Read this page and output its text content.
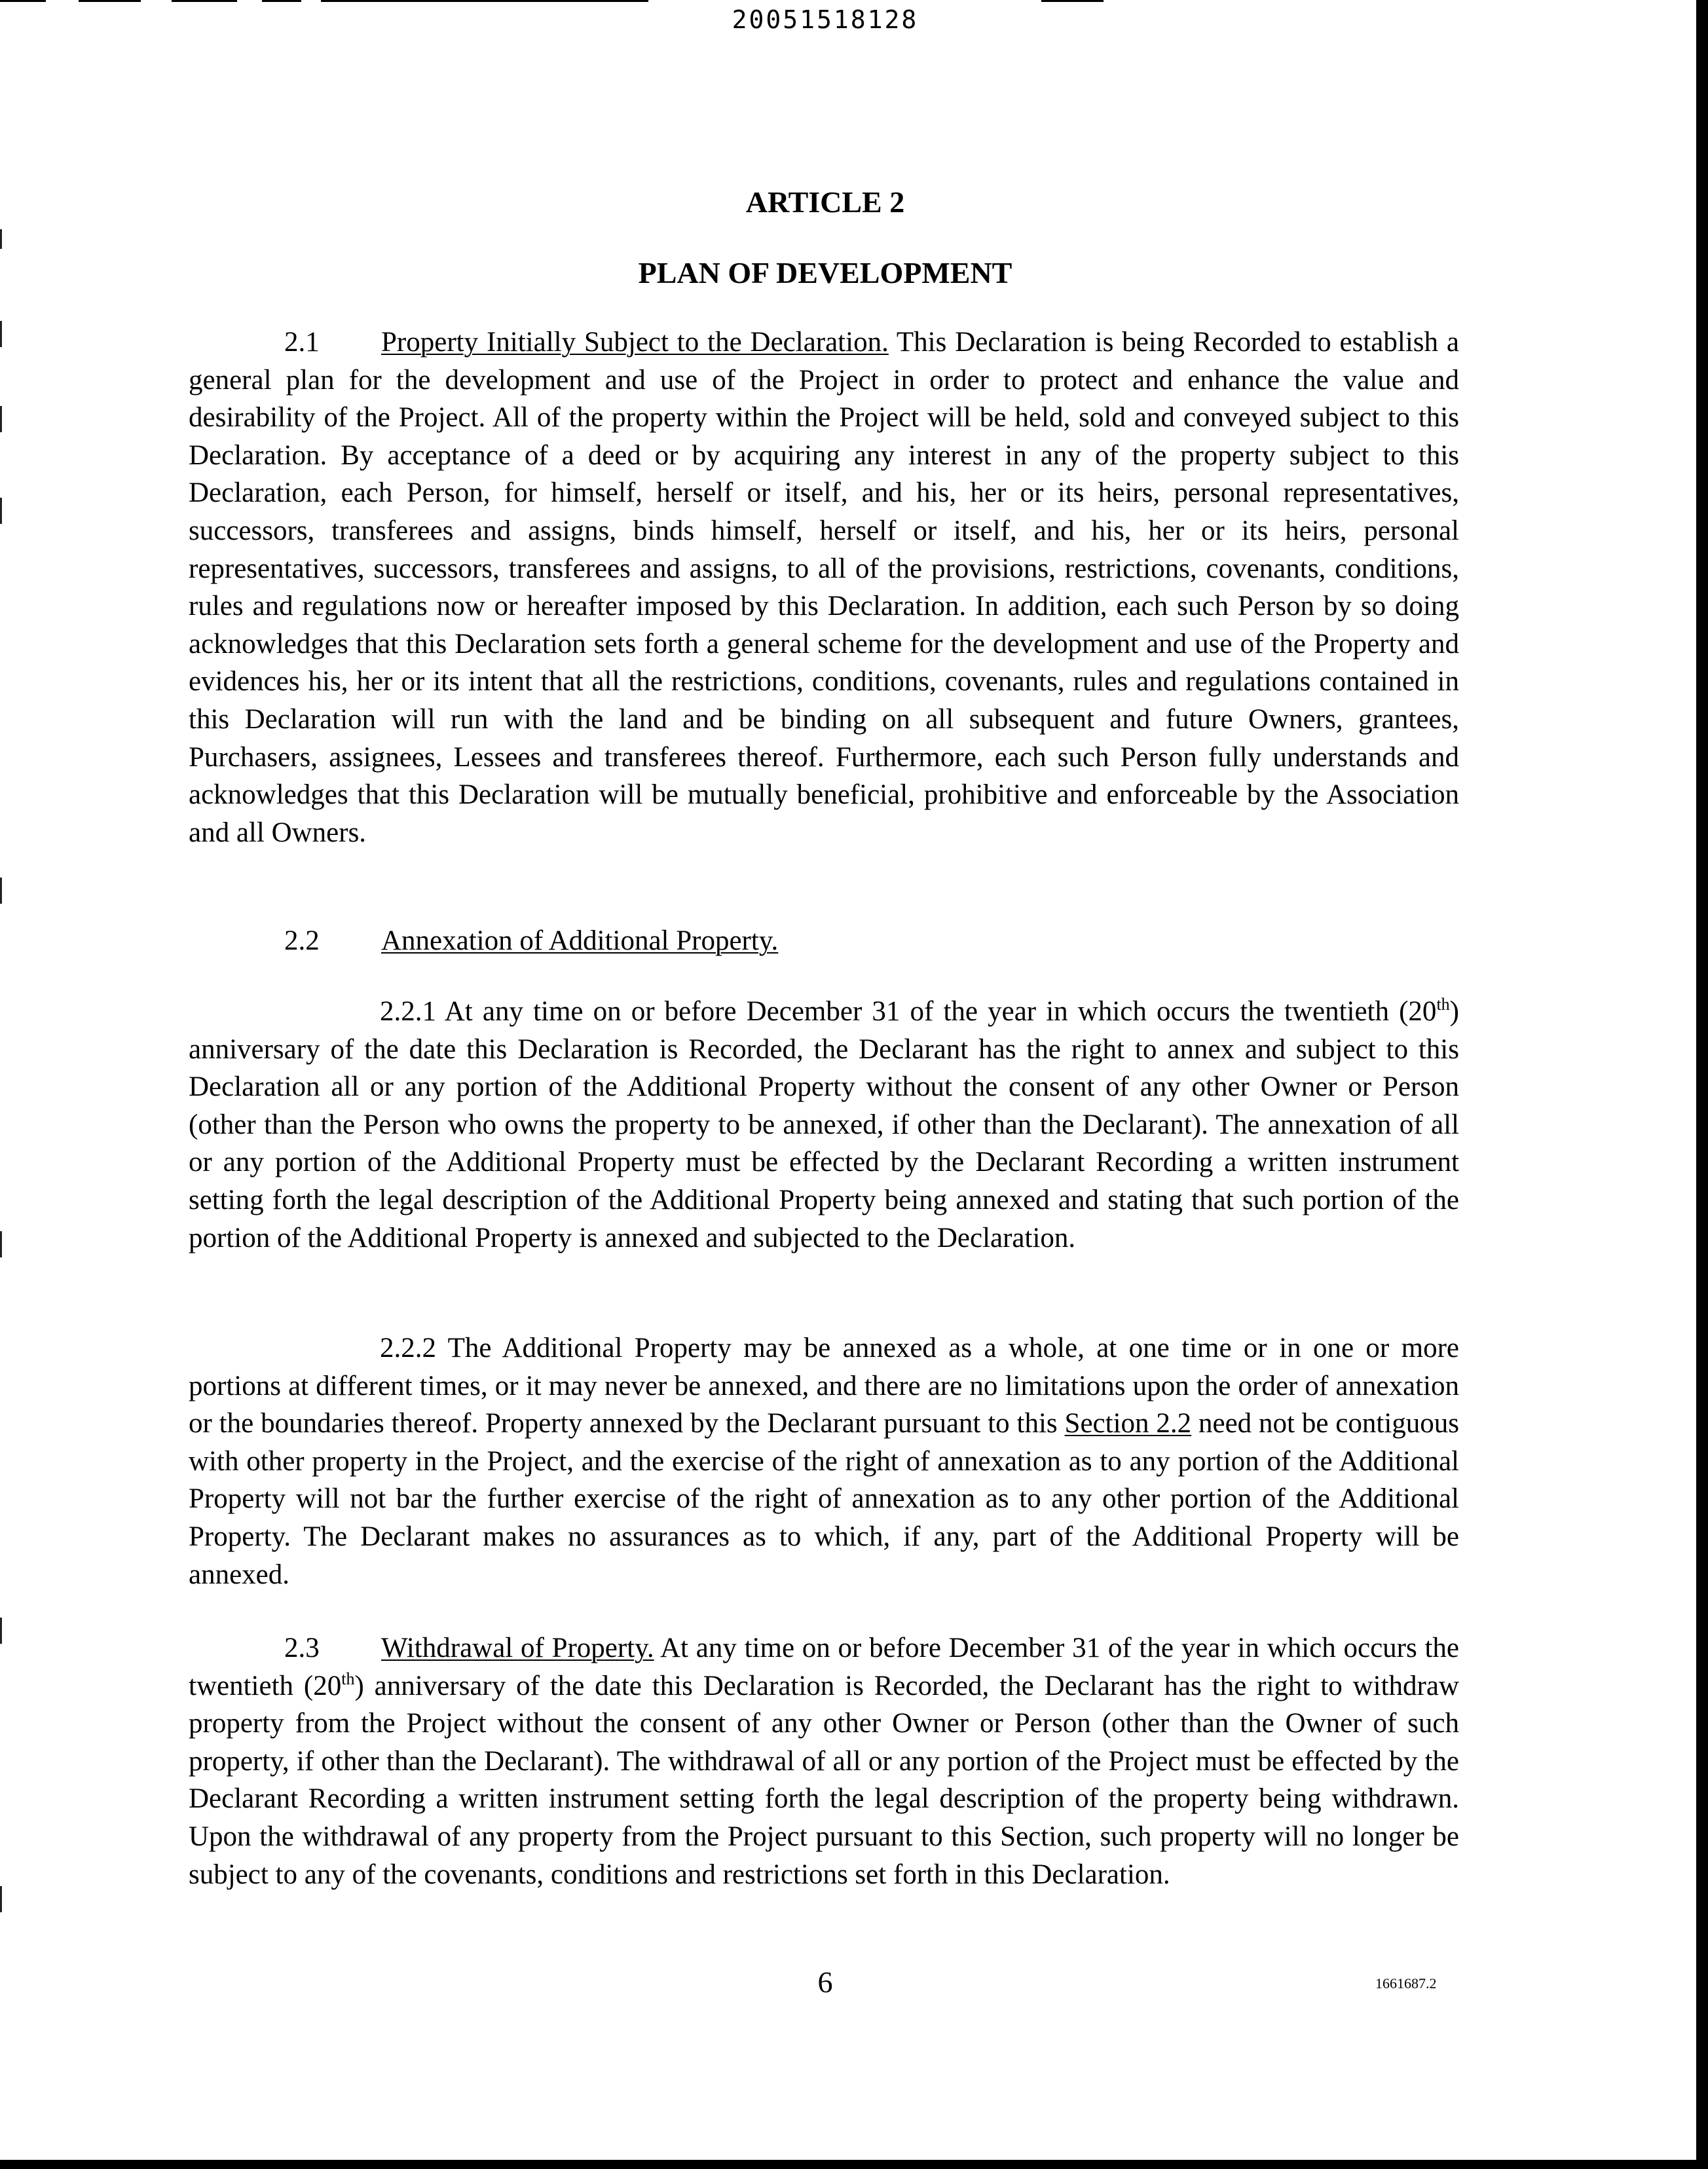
20051518128
ARTICLE 2
PLAN OF DEVELOPMENT

2.1 Property Initially Subject to the Declaration. This Declaration is being Recorded to establish a general plan for the development and use of the Project in order to protect and enhance the value and desirability of the Project. All of the property within the Project will be held, sold and conveyed subject to this Declaration. By acceptance of a deed or by acquiring any interest in any of the property subject to this Declaration, each Person, for himself, herself or itself, and his, her or its heirs, personal representatives, successors, transferees and assigns, binds himself, herself or itself, and his, her or its heirs, personal representatives, successors, transferees and assigns, to all of the provisions, restrictions, covenants, conditions, rules and regulations now or hereafter imposed by this Declaration. In addition, each such Person by so doing acknowledges that this Declaration sets forth a general scheme for the development and use of the Property and evidences his, her or its intent that all the restrictions, conditions, covenants, rules and regulations contained in this Declaration will run with the land and be binding on all subsequent and future Owners, grantees, Purchasers, assignees, Lessees and transferees thereof. Furthermore, each such Person fully understands and acknowledges that this Declaration will be mutually beneficial, prohibitive and enforceable by the Association and all Owners.

2.2 Annexation of Additional Property.

2.2.1 At any time on or before December 31 of the year in which occurs the twentieth (20th) anniversary of the date this Declaration is Recorded, the Declarant has the right to annex and subject to this Declaration all or any portion of the Additional Property without the consent of any other Owner or Person (other than the Person who owns the property to be annexed, if other than the Declarant). The annexation of all or any portion of the Additional Property must be effected by the Declarant Recording a written instrument setting forth the legal description of the Additional Property being annexed and stating that such portion of the portion of the Additional Property is annexed and subjected to the Declaration.

2.2.2 The Additional Property may be annexed as a whole, at one time or in one or more portions at different times, or it may never be annexed, and there are no limitations upon the order of annexation or the boundaries thereof. Property annexed by the Declarant pursuant to this Section 2.2 need not be contiguous with other property in the Project, and the exercise of the right of annexation as to any portion of the Additional Property will not bar the further exercise of the right of annexation as to any other portion of the Additional Property. The Declarant makes no assurances as to which, if any, part of the Additional Property will be annexed.

2.3 Withdrawal of Property. At any time on or before December 31 of the year in which occurs the twentieth (20th) anniversary of the date this Declaration is Recorded, the Declarant has the right to withdraw property from the Project without the consent of any other Owner or Person (other than the Owner of such property, if other than the Declarant). The withdrawal of all or any portion of the Project must be effected by the Declarant Recording a written instrument setting forth the legal description of the property being withdrawn. Upon the withdrawal of any property from the Project pursuant to this Section, such property will no longer be subject to any of the covenants, conditions and restrictions set forth in this Declaration.

6	1661687.2
